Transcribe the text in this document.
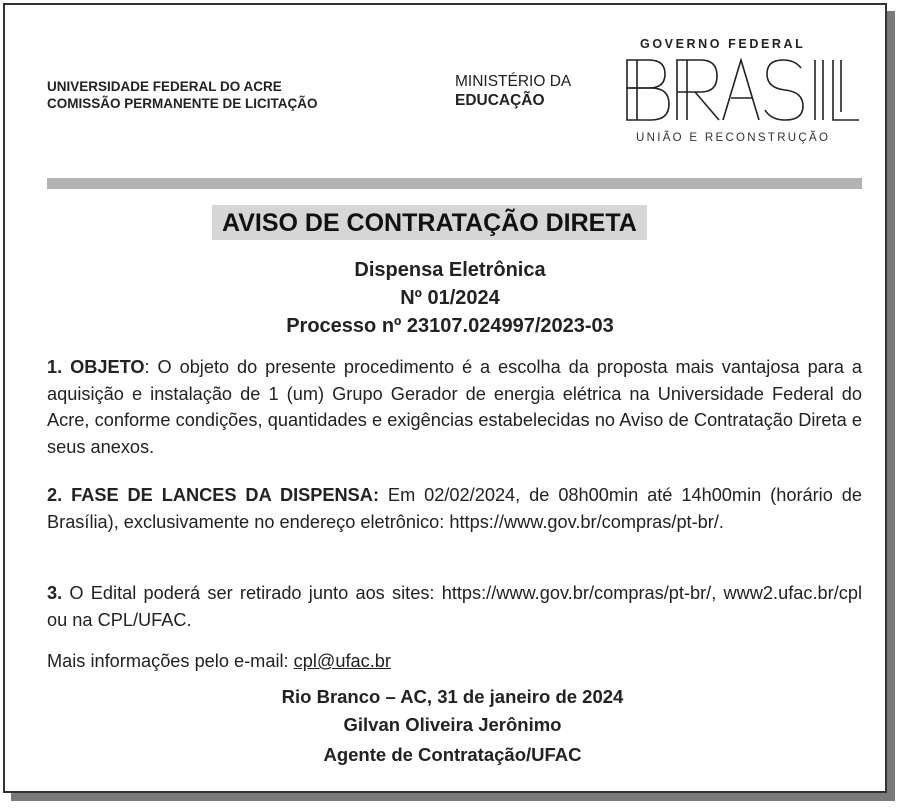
UNIVERSIDADE FEDERAL DO ACRE
COMISSÃO PERMANENTE DE LICITAÇÃO
MINISTÉRIO DA
EDUCAÇÃO
GOVERNO FEDERAL
UNIÃO E RECONSTRUÇÃO
AVISO DE CONTRATAÇÃO DIRETA
Dispensa Eletrônica
Nº 01/2024
Processo nº 23107.024997/2023-03
1. OBJETO: O objeto do presente procedimento é a escolha da proposta mais vantajosa para a aquisição e instalação de 1 (um) Grupo Gerador de energia elétrica na Universidade Federal do Acre, conforme condições, quantidades e exigências estabelecidas no Aviso de Contratação Direta e seus anexos.
2. FASE DE LANCES DA DISPENSA: Em 02/02/2024, de 08h00min até 14h00min (horário de Brasília), exclusivamente no endereço eletrônico: https://www.gov.br/compras/pt-br/.
3. O Edital poderá ser retirado junto aos sites: https://www.gov.br/compras/pt-br/, www2.ufac.br/cpl ou na CPL/UFAC.
Mais informações pelo e-mail: cpl@ufac.br
Rio Branco – AC, 31 de janeiro de 2024
Gilvan Oliveira Jerônimo
Agente de Contratação/UFAC
